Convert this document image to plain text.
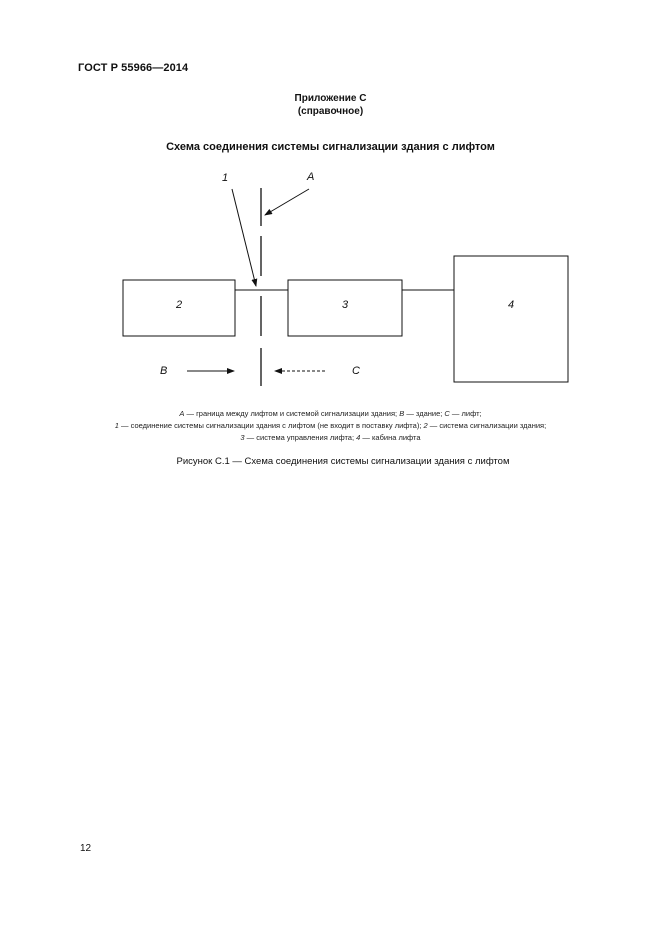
ГОСТ Р 55966—2014
Приложение С
(справочное)
Схема соединения системы сигнализации здания с лифтом
1	A
2	3	4
B	C
A — граница между лифтом и системой сигнализации здания; B — здание; C — лифт;
1 — соединение системы сигнализации здания с лифтом (не входит в поставку лифта); 2 — система сигнализации здания;
3 — система управления лифта; 4 — кабина лифта
Рисунок С.1 — Схема соединения системы сигнализации здания с лифтом
12
